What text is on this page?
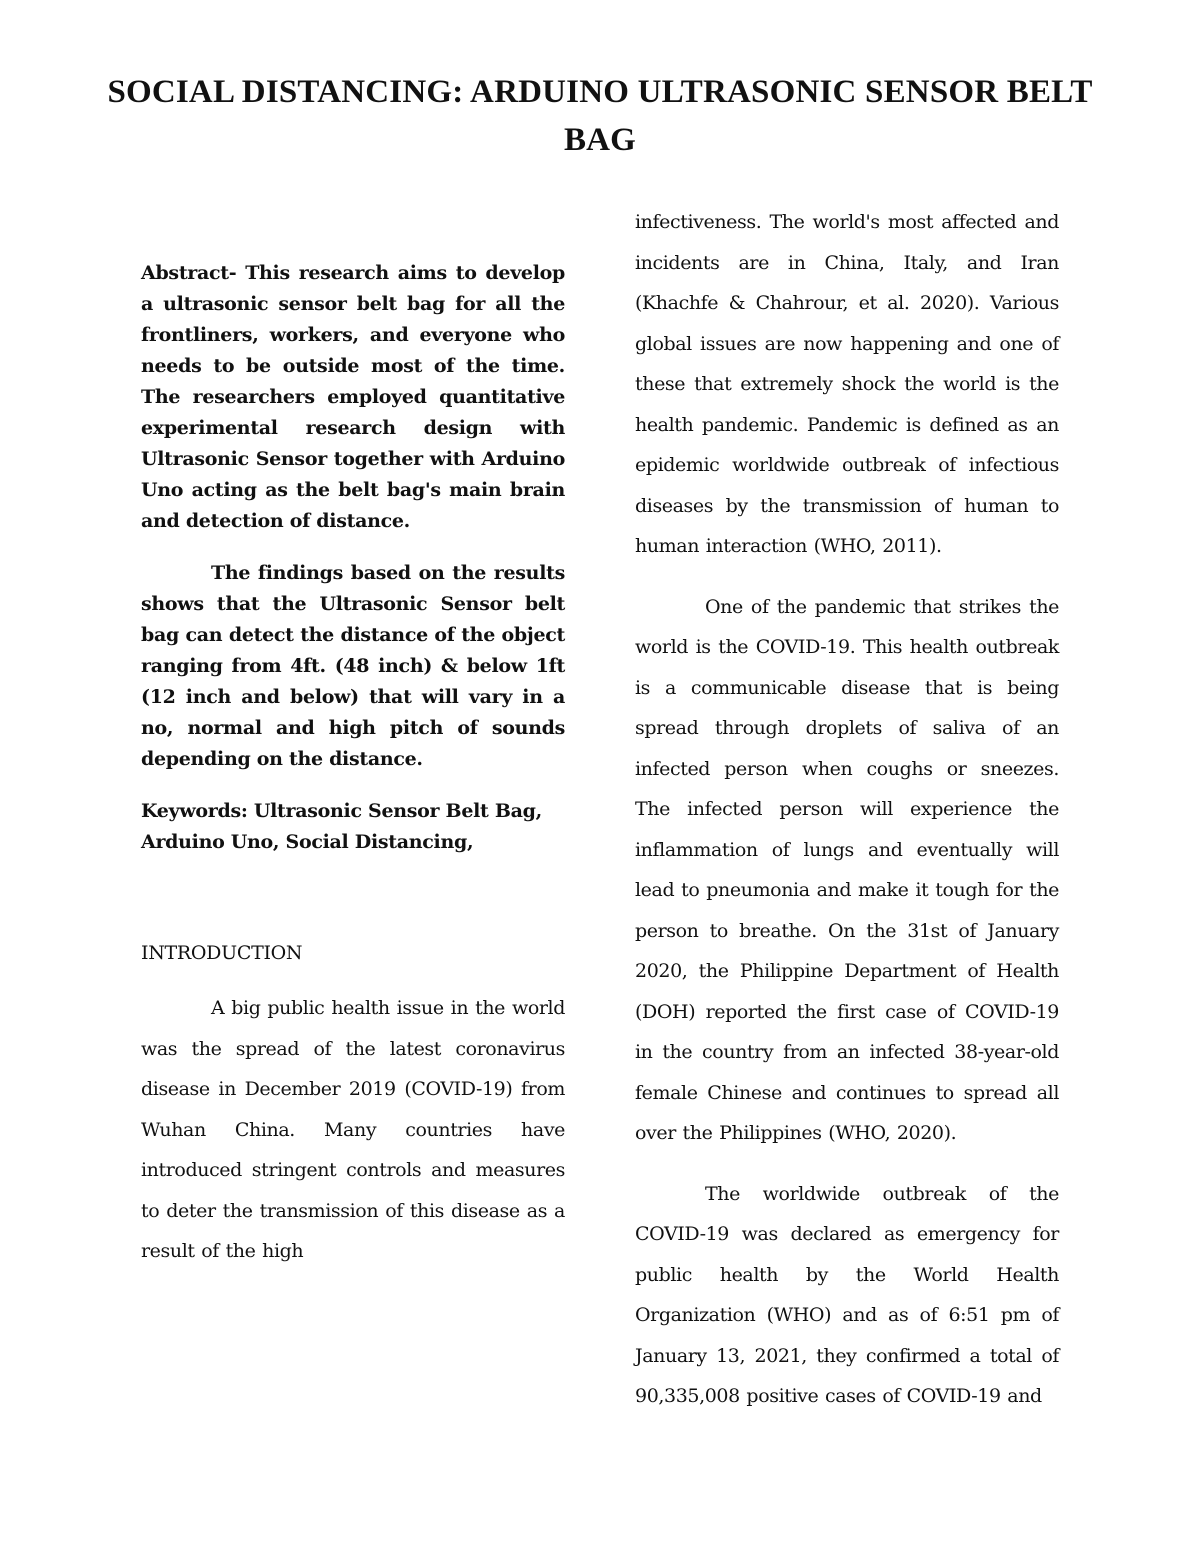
SOCIAL DISTANCING: ARDUINO ULTRASONIC SENSOR BELT BAG

Abstract- This research aims to develop a ultrasonic sensor belt bag for all the frontliners, workers, and everyone who needs to be outside most of the time. The researchers employed quantitative experimental research design with Ultrasonic Sensor together with Arduino Uno acting as the belt bag's main brain and detection of distance.

The findings based on the results shows that the Ultrasonic Sensor belt bag can detect the distance of the object ranging from 4ft. (48 inch) & below 1ft (12 inch and below) that will vary in a no, normal and high pitch of sounds depending on the distance.

Keywords: Ultrasonic Sensor Belt Bag, Arduino Uno, Social Distancing,

INTRODUCTION

A big public health issue in the world was the spread of the latest coronavirus disease in December 2019 (COVID-19) from Wuhan China. Many countries have introduced stringent controls and measures to deter the transmission of this disease as a result of the high

infectiveness. The world's most affected and incidents are in China, Italy, and Iran (Khachfe & Chahrour, et al. 2020). Various global issues are now happening and one of these that extremely shock the world is the health pandemic. Pandemic is defined as an epidemic worldwide outbreak of infectious diseases by the transmission of human to human interaction (WHO, 2011).

One of the pandemic that strikes the world is the COVID-19. This health outbreak is a communicable disease that is being spread through droplets of saliva of an infected person when coughs or sneezes. The infected person will experience the inflammation of lungs and eventually will lead to pneumonia and make it tough for the person to breathe. On the 31st of January 2020, the Philippine Department of Health (DOH) reported the first case of COVID-19 in the country from an infected 38-year-old female Chinese and continues to spread all over the Philippines (WHO, 2020).

The worldwide outbreak of the COVID-19 was declared as emergency for public health by the World Health Organization (WHO) and as of 6:51 pm of January 13, 2021, they confirmed a total of 90,335,008 positive cases of COVID-19 and
